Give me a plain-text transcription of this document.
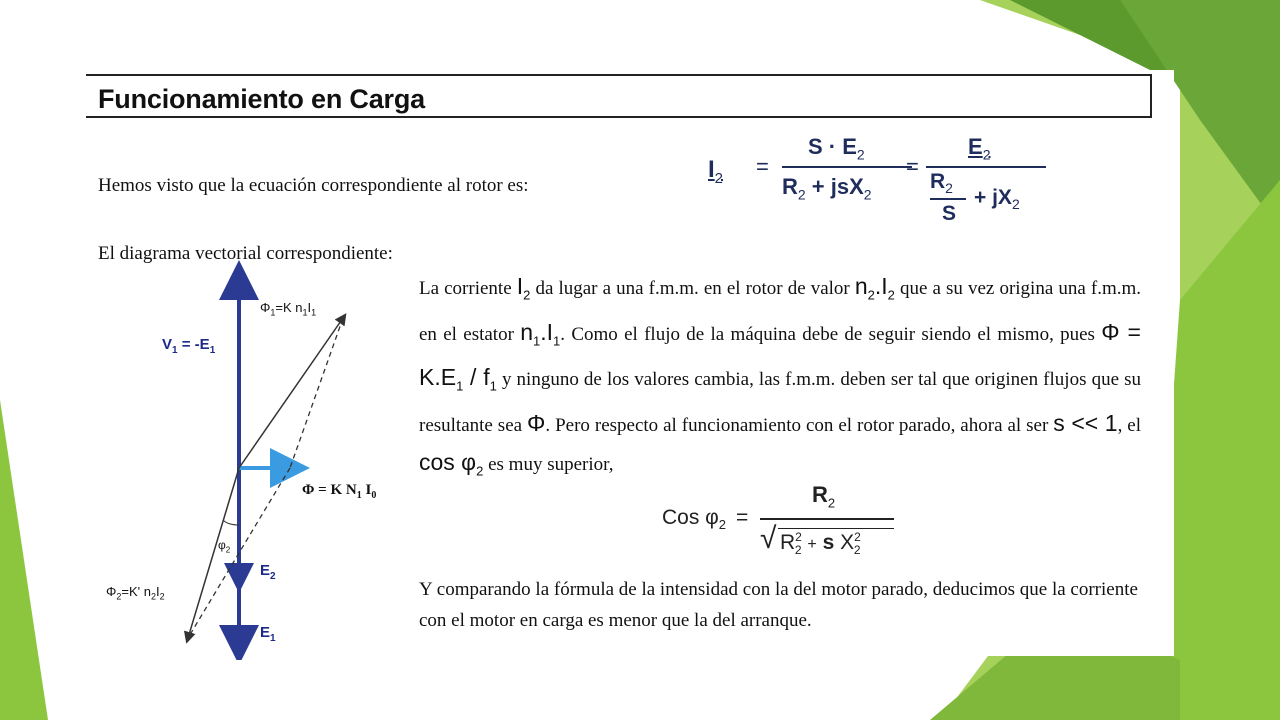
Funcionamiento en Carga
Hemos visto que la ecuación correspondiente al rotor es:
$I_2$ =
$S \cdot E_2$
$R_2 + jsX_2$
=
$E_2$
$R_2$
S
+ $jX_2$
El diagrama vectorial correspondiente:
$V_1 = -E_1$
$\Phi_1=K$ $n_1I_1$
Φ = K $N_1$ $I_0$
$\varphi_2$
$\Phi_2=K'$ $n_2I_2$
$E_2$
$E_1$
La corriente $I_2$ da lugar a una f.m.m. en el rotor de valor $n_2.I_2$ que a su vez origina una f.m.m. en el estator $n_1.I_1$. Como el flujo de la máquina debe de seguir siendo el mismo, pues $\Phi = K.E_1 / f_1$ y ninguno de los valores cambia, las f.m.m. deben ser tal que originen flujos que su resultante sea Φ. Pero respecto al funcionamiento con el rotor parado, ahora al ser s << 1, el $\cos \varphi_2$ es muy superior,
Cos $\varphi_2$ =
$R_2$
√ $R^2_2 + s$ $X^2_2$
Y comparando la fórmula de la intensidad con la del motor parado, deducimos que la corriente con el motor en carga es menor que la del arranque.
